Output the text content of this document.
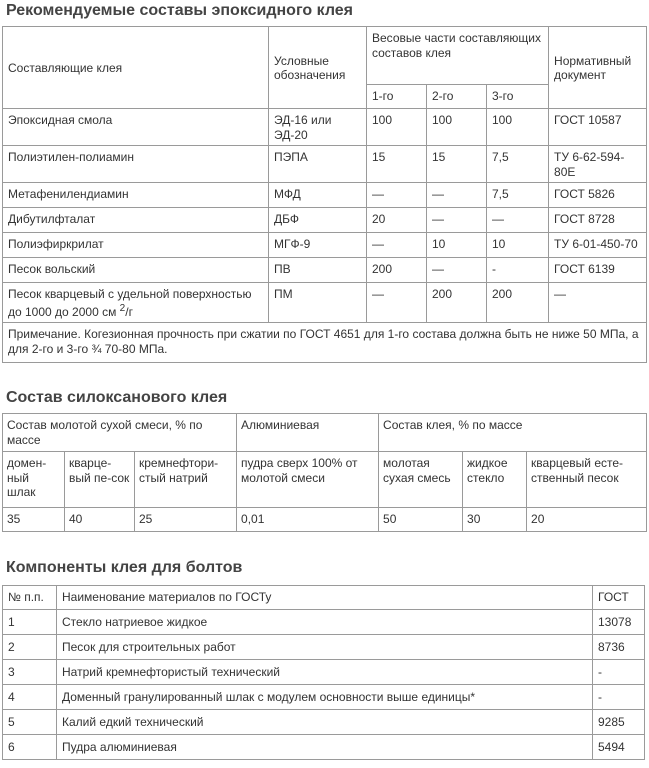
Рекомендуемые составы эпоксидного клея
Составляющие клея	Условные обозначения	Весовые части составляющих составов клея			Нормативный документ
		1-го	2-го	3-го	
Эпоксидная смола	ЭД-16 или ЭД-20	100	100	100	ГОСТ 10587
Полиэтилен-полиамин	ПЭПА	15	15	7,5	ТУ 6-62-594-80Е
Метафенилендиамин	МФД	—	—	7,5	ГОСТ 5826
Дибутилфталат	ДБФ	20	—	—	ГОСТ 8728
Полиэфиркрилат	МГФ-9	—	10	10	ТУ 6-01-450-70
Песок вольский	ПВ	200	—	-	ГОСТ 6139
Песок кварцевый с удельной поверхностью до 1000 до 2000 см $^2$/г	ПМ	—	200	200	—
Примечание. Когезионная прочность при сжатии по ГОСТ 4651 для 1-го состава должна быть не ниже 50 МПа, а для 2-го и 3-го ¾ 70-80 МПа.					
Состав силоксанового клея
Состав молотой сухой смеси, % по массе			Алюминиевая	Состав клея, % по массе		
домен-ный шлак	кварце-вый пе-сок	кремнефтори-стый натрий	пудра сверх 100% от молотой смеси	молотая сухая смесь	жидкое стекло	кварцевый есте-ственный песок
35	40	25	0,01	50	30	20
Компоненты клея для болтов
№ п.п.	Наименование материалов по ГОСТу	ГОСТ
1	Стекло натриевое жидкое	13078
2	Песок для строительных работ	8736
3	Натрий кремнефтористый технический	-
4	Доменный гранулированный шлак с модулем основности выше единицы*	-
5	Калий едкий технический	9285
6	Пудра алюминиевая	5494
